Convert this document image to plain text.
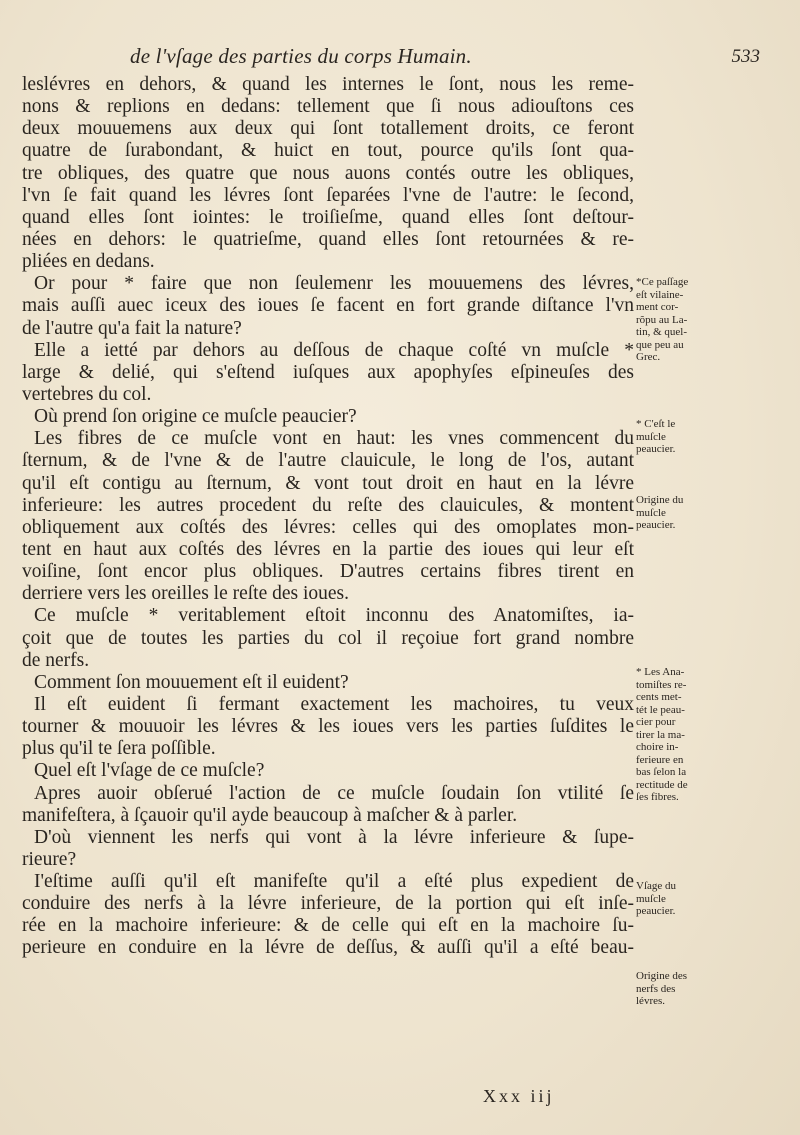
de l'vſage des parties du corps Humain.	533
leslévres en dehors, & quand les internes le ſont, nous les reme-
nons & replions en dedans: tellement que ſi nous adiouſtons ces
deux mouuemens aux deux qui ſont totallement droits, ce feront
quatre de ſurabondant, & huict en tout, pource qu'ils ſont qua-
tre obliques, des quatre que nous auons contés outre les obliques,
l'vn ſe fait quand les lévres ſont ſeparées l'vne de l'autre: le ſecond,
quand elles ſont iointes: le troiſieſme, quand elles ſont deſtour-
nées en dehors: le quatrieſme, quand elles ſont retournées & re-
pliées en dedans.
Or pour * faire que non ſeulemenr les mouuemens des lévres,
mais auſſi auec iceux des ioues ſe facent en fort grande diſtance l'vn
de l'autre qu'a fait la nature?
Elle a ietté par dehors au deſſous de chaque coſté vn muſcle *
large & delié, qui s'eſtend iuſques aux apophyſes eſpineuſes des
vertebres du col.
Où prend ſon origine ce muſcle peaucier?
Les fibres de ce muſcle vont en haut: les vnes commencent du
ſternum, & de l'vne & de l'autre clauicule, le long de l'os, autant
qu'il eſt contigu au ſternum, & vont tout droit en haut en la lévre
inferieure: les autres procedent du reſte des clauicules, & montent
obliquement aux coſtés des lévres: celles qui des omoplates mon-
tent en haut aux coſtés des lévres en la partie des ioues qui leur eſt
voiſine, ſont encor plus obliques. D'autres certains fibres tirent en
derriere vers les oreilles le reſte des ioues.
Ce muſcle * veritablement eſtoit inconnu des Anatomiſtes, ia-
çoit que de toutes les parties du col il reçoiue fort grand nombre
de nerfs.
Comment ſon mouuement eſt il euident?
Il eſt euident ſi fermant exactement les machoires, tu veux
tourner & mouuoir les lévres & les ioues vers les parties ſuſdites le
plus qu'il te ſera poſſible.
Quel eſt l'vſage de ce muſcle?
Apres auoir obſerué l'action de ce muſcle ſoudain ſon vtilité ſe
manifeſtera, à ſçauoir qu'il ayde beaucoup à maſcher & à parler.
D'où viennent les nerfs qui vont à la lévre inferieure & ſupe-
rieure?
I'eſtime auſſi qu'il eſt manifeſte qu'il a eſté plus expedient de
conduire des nerfs à la lévre inferieure, de la portion qui eſt inſe-
rée en la machoire inferieure: & de celle qui eſt en la machoire ſu-
perieure en conduire en la lévre de deſſus, & auſſi qu'il a eſté beau-
*Ce paſſage
eſt vilaine-
ment cor-
rõpu au La-
tin, & quel-
que peu au
Grec.
* C'eſt le
muſcle
peaucier.
Origine du
muſcle
peaucier.
* Les Ana-
tomiſtes re-
cents met-
tét le peau-
cier pour
tirer la ma-
choire in-
ferieure en
bas ſelon la
rectitude de
ſes fibres.
Vſage du
muſcle
peaucier.
Origine des
nerfs des
lévres.
Xxx iij
